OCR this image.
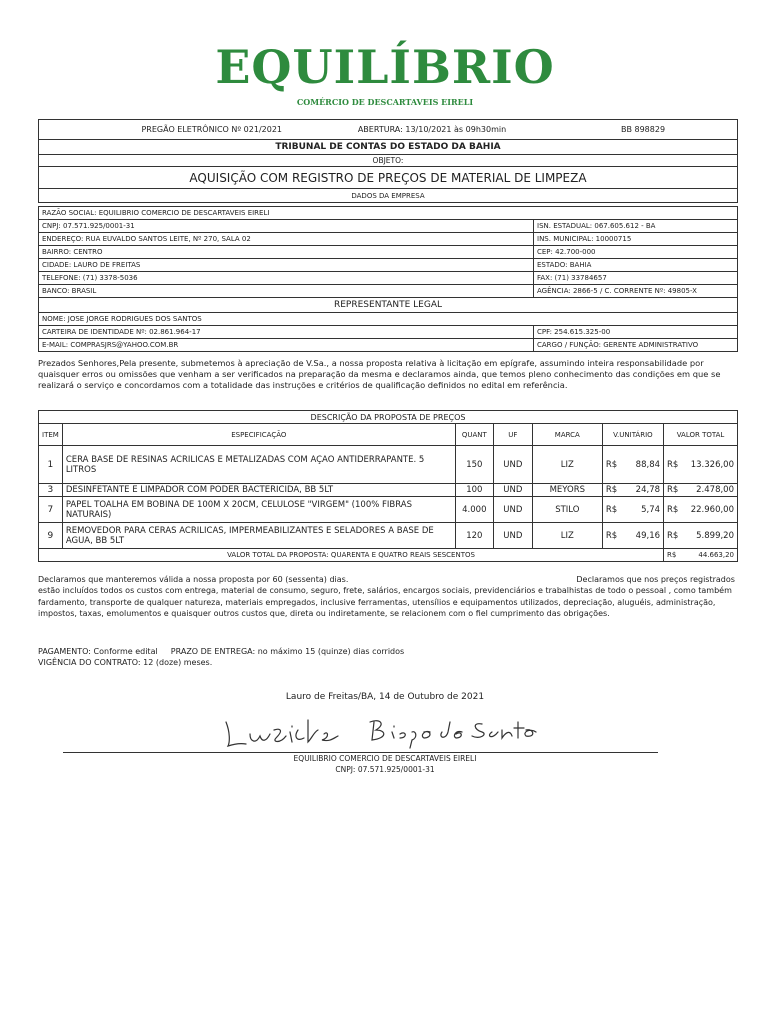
EQUILÍBRIO
COMÉRCIO DE DESCARTAVEIS EIRELI
PREGÃO ELETRÔNICO Nº 021/2021	ABERTURA: 13/10/2021 às 09h30min	BB 898829

TRIBUNAL DE CONTAS DO ESTADO DA BAHIA
OBJETO:
AQUISIÇÃO COM REGISTRO DE PREÇOS DE MATERIAL DE LIMPEZA
DADOS DA EMPRESA
RAZÃO SOCIAL: EQUILIBRIO COMERCIO DE DESCARTAVEIS EIRELI	
CNPJ: 07.571.925/0001-31	ISN. ESTADUAL: 067.605.612 - BA
ENDEREÇO: RUA EUVALDO SANTOS LEITE, Nº 270, SALA 02	INS. MUNICIPAL: 10000715
BAIRRO: CENTRO	CEP: 42.700-000
CIDADE: LAURO DE FREITAS	ESTADO: BAHIA
TELEFONE: (71) 3378-5036	FAX: (71) 33784657
BANCO: BRASIL	AGÊNCIA: 2866-5 / C. CORRENTE Nº: 49805-X
REPRESENTANTE LEGAL	
NOME: JOSE JORGE RODRIGUES DOS SANTOS	
CARTEIRA DE IDENTIDADE Nº: 02.861.964-17	CPF: 254.615.325-00
E-MAIL: COMPRASJRS@YAHOO.COM.BR	CARGO / FUNÇÃO: GERENTE ADMINISTRATIVO
Prezados Senhores,Pela presente, submetemos à apreciação de V.Sa., a nossa proposta relativa à licitação em epígrafe, assumindo inteira responsabilidade por quaisquer erros ou omissões que venham a ser verificados na preparação da mesma e declaramos ainda, que temos pleno conhecimento das condições em que se realizará o serviço e concordamos com a totalidade das instruções e critérios de qualificação definidos no edital em referência.
DESCRIÇÃO DA PROPOSTA DE PREÇOS								
ITEM	ESPECIFICAÇÃO	QUANT	UF	MARCA	V.UNITÁRIO		VALOR TOTAL	
1	CERA BASE DE RESINAS ACRILICAS E METALIZADAS COM AÇAO ANTIDERRAPANTE. 5 LITROS	150	UND	LIZ	R$	88,84	R$	13.326,00
3	DESINFETANTE E LIMPADOR COM PODER BACTERICIDA, BB 5LT	100	UND	MEYORS	R$	24,78	R$	2.478,00
7	PAPEL TOALHA EM BOBINA DE 100M X 20CM, CELULOSE "VIRGEM" (100% FIBRAS NATURAIS)	4.000	UND	STILO	R$	5,74	R$	22.960,00
9	REMOVEDOR PARA CERAS ACRILICAS, IMPERMEABILIZANTES E SELADORES A BASE DE AGUA, BB 5LT	120	UND	LIZ	R$	49,16	R$	5.899,20
VALOR TOTAL DA PROPOSTA: QUARENTA E QUATRO REAIS SESCENTOS							R$	44.663,20
Declaramos que manteremos válida a nossa proposta por 60 (sessenta) dias.	Declaramos que nos preços registrados estão incluídos todos os custos com entrega, material de consumo, seguro, frete, salários, encargos sociais, previdenciários e trabalhistas de todo o pessoal , como também fardamento, transporte de qualquer natureza, materiais empregados, inclusive ferramentas, utensílios e equipamentos utilizados, depreciação, aluguéis, administração, impostos, taxas, emolumentos e quaisquer outros custos que, direta ou indiretamente, se relacionem com o fiel cumprimento das obrigações.
PAGAMENTO: Conforme edital PRAZO DE ENTREGA: no máximo 15 (quinze) dias corridos
VIGÊNCIA DO CONTRATO: 12 (doze) meses.
Lauro de Freitas/BA, 14 de Outubro de 2021
EQUILIBRIO COMERCIO DE DESCARTAVEIS EIRELI
CNPJ: 07.571.925/0001-31
